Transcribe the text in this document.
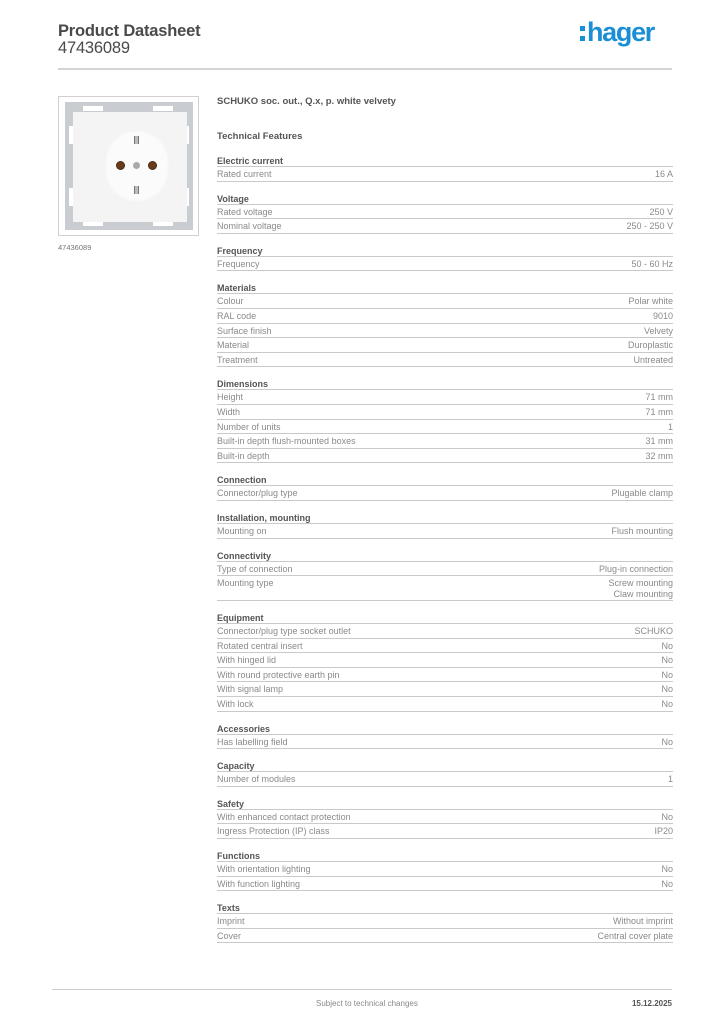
Product Datasheet
47436089
hager
47436089
SCHUKO soc. out., Q.x, p. white velvety
Technical Features
Electric current
Rated current	16 A
Voltage
Rated voltage	250 V
Nominal voltage	250 - 250 V
Frequency
Frequency	50 - 60 Hz
Materials
Colour	Polar white
RAL code	9010
Surface finish	Velvety
Material	Duroplastic
Treatment	Untreated
Dimensions
Height	71 mm
Width	71 mm
Number of units	1
Built-in depth flush-mounted boxes	31 mm
Built-in depth	32 mm
Connection
Connector/plug type	Plugable clamp
Installation, mounting
Mounting on	Flush mounting
Connectivity
Type of connection	Plug-in connection
Mounting type	Screw mounting
Claw mounting
Equipment
Connector/plug type socket outlet	SCHUKO
Rotated central insert	No
With hinged lid	No
With round protective earth pin	No
With signal lamp	No
With lock	No
Accessories
Has labelling field	No
Capacity
Number of modules	1
Safety
With enhanced contact protection	No
Ingress Protection (IP) class	IP20
Functions
With orientation lighting	No
With function lighting	No
Texts
Imprint	Without imprint
Cover	Central cover plate
Subject to technical changes	15.12.2025
